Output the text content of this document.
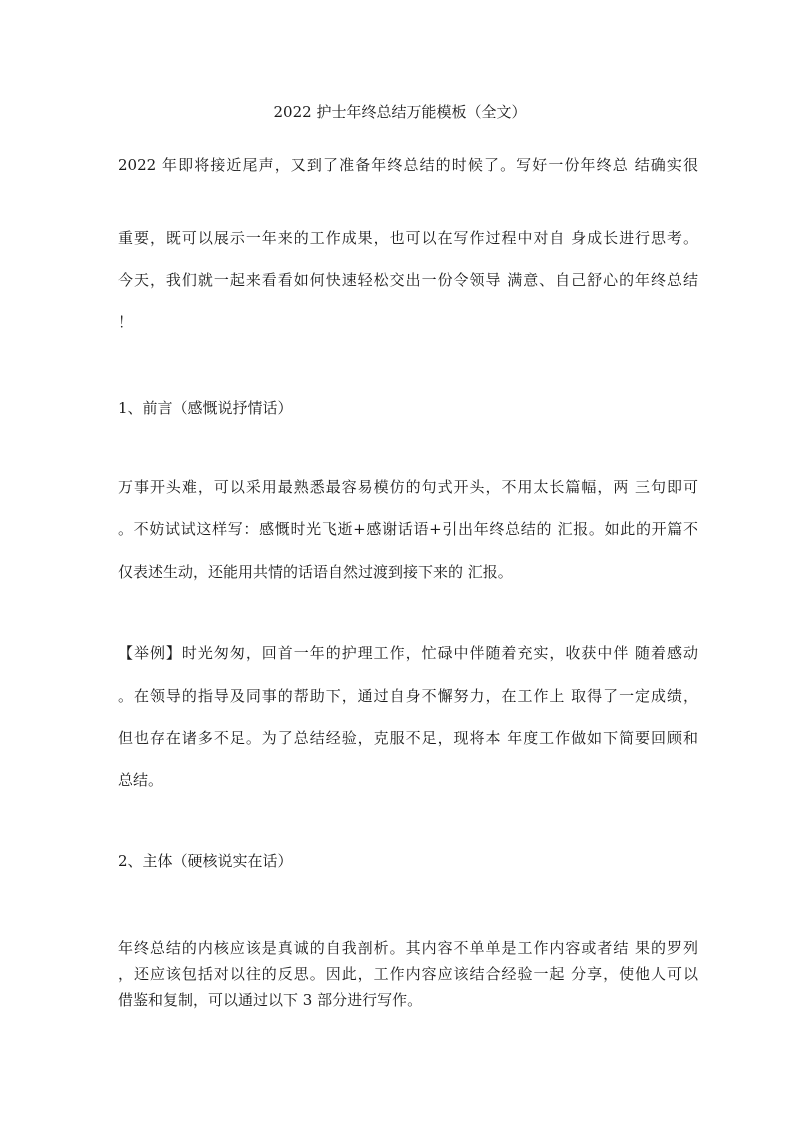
2022 护士年终总结万能模板（全文）
2022 年即将接近尾声，又到了准备年终总结的时候了。写好一份年终总 结确实很
重要，既可以展示一年来的工作成果，也可以在写作过程中对自 身成长进行思考。
今天，我们就一起来看看如何快速轻松交出一份令领导 满意、自己舒心的年终总结
！
1、前言（感慨说抒情话）
万事开头难，可以采用最熟悉最容易模仿的句式开头，不用太长篇幅，两 三句即可
。不妨试试这样写：感慨时光飞逝+感谢话语+引出年终总结的 汇报。如此的开篇不
仅表述生动，还能用共情的话语自然过渡到接下来的 汇报。
【举例】时光匆匆，回首一年的护理工作，忙碌中伴随着充实，收获中伴 随着感动
。在领导的指导及同事的帮助下，通过自身不懈努力，在工作上 取得了一定成绩，
但也存在诸多不足。为了总结经验，克服不足，现将本 年度工作做如下简要回顾和
总结。
2、主体（硬核说实在话）
年终总结的内核应该是真诚的自我剖析。其内容不单单是工作内容或者结 果的罗列
，还应该包括对以往的反思。因此，工作内容应该结合经验一起 分享，使他人可以
借鉴和复制，可以通过以下 3 部分进行写作。
